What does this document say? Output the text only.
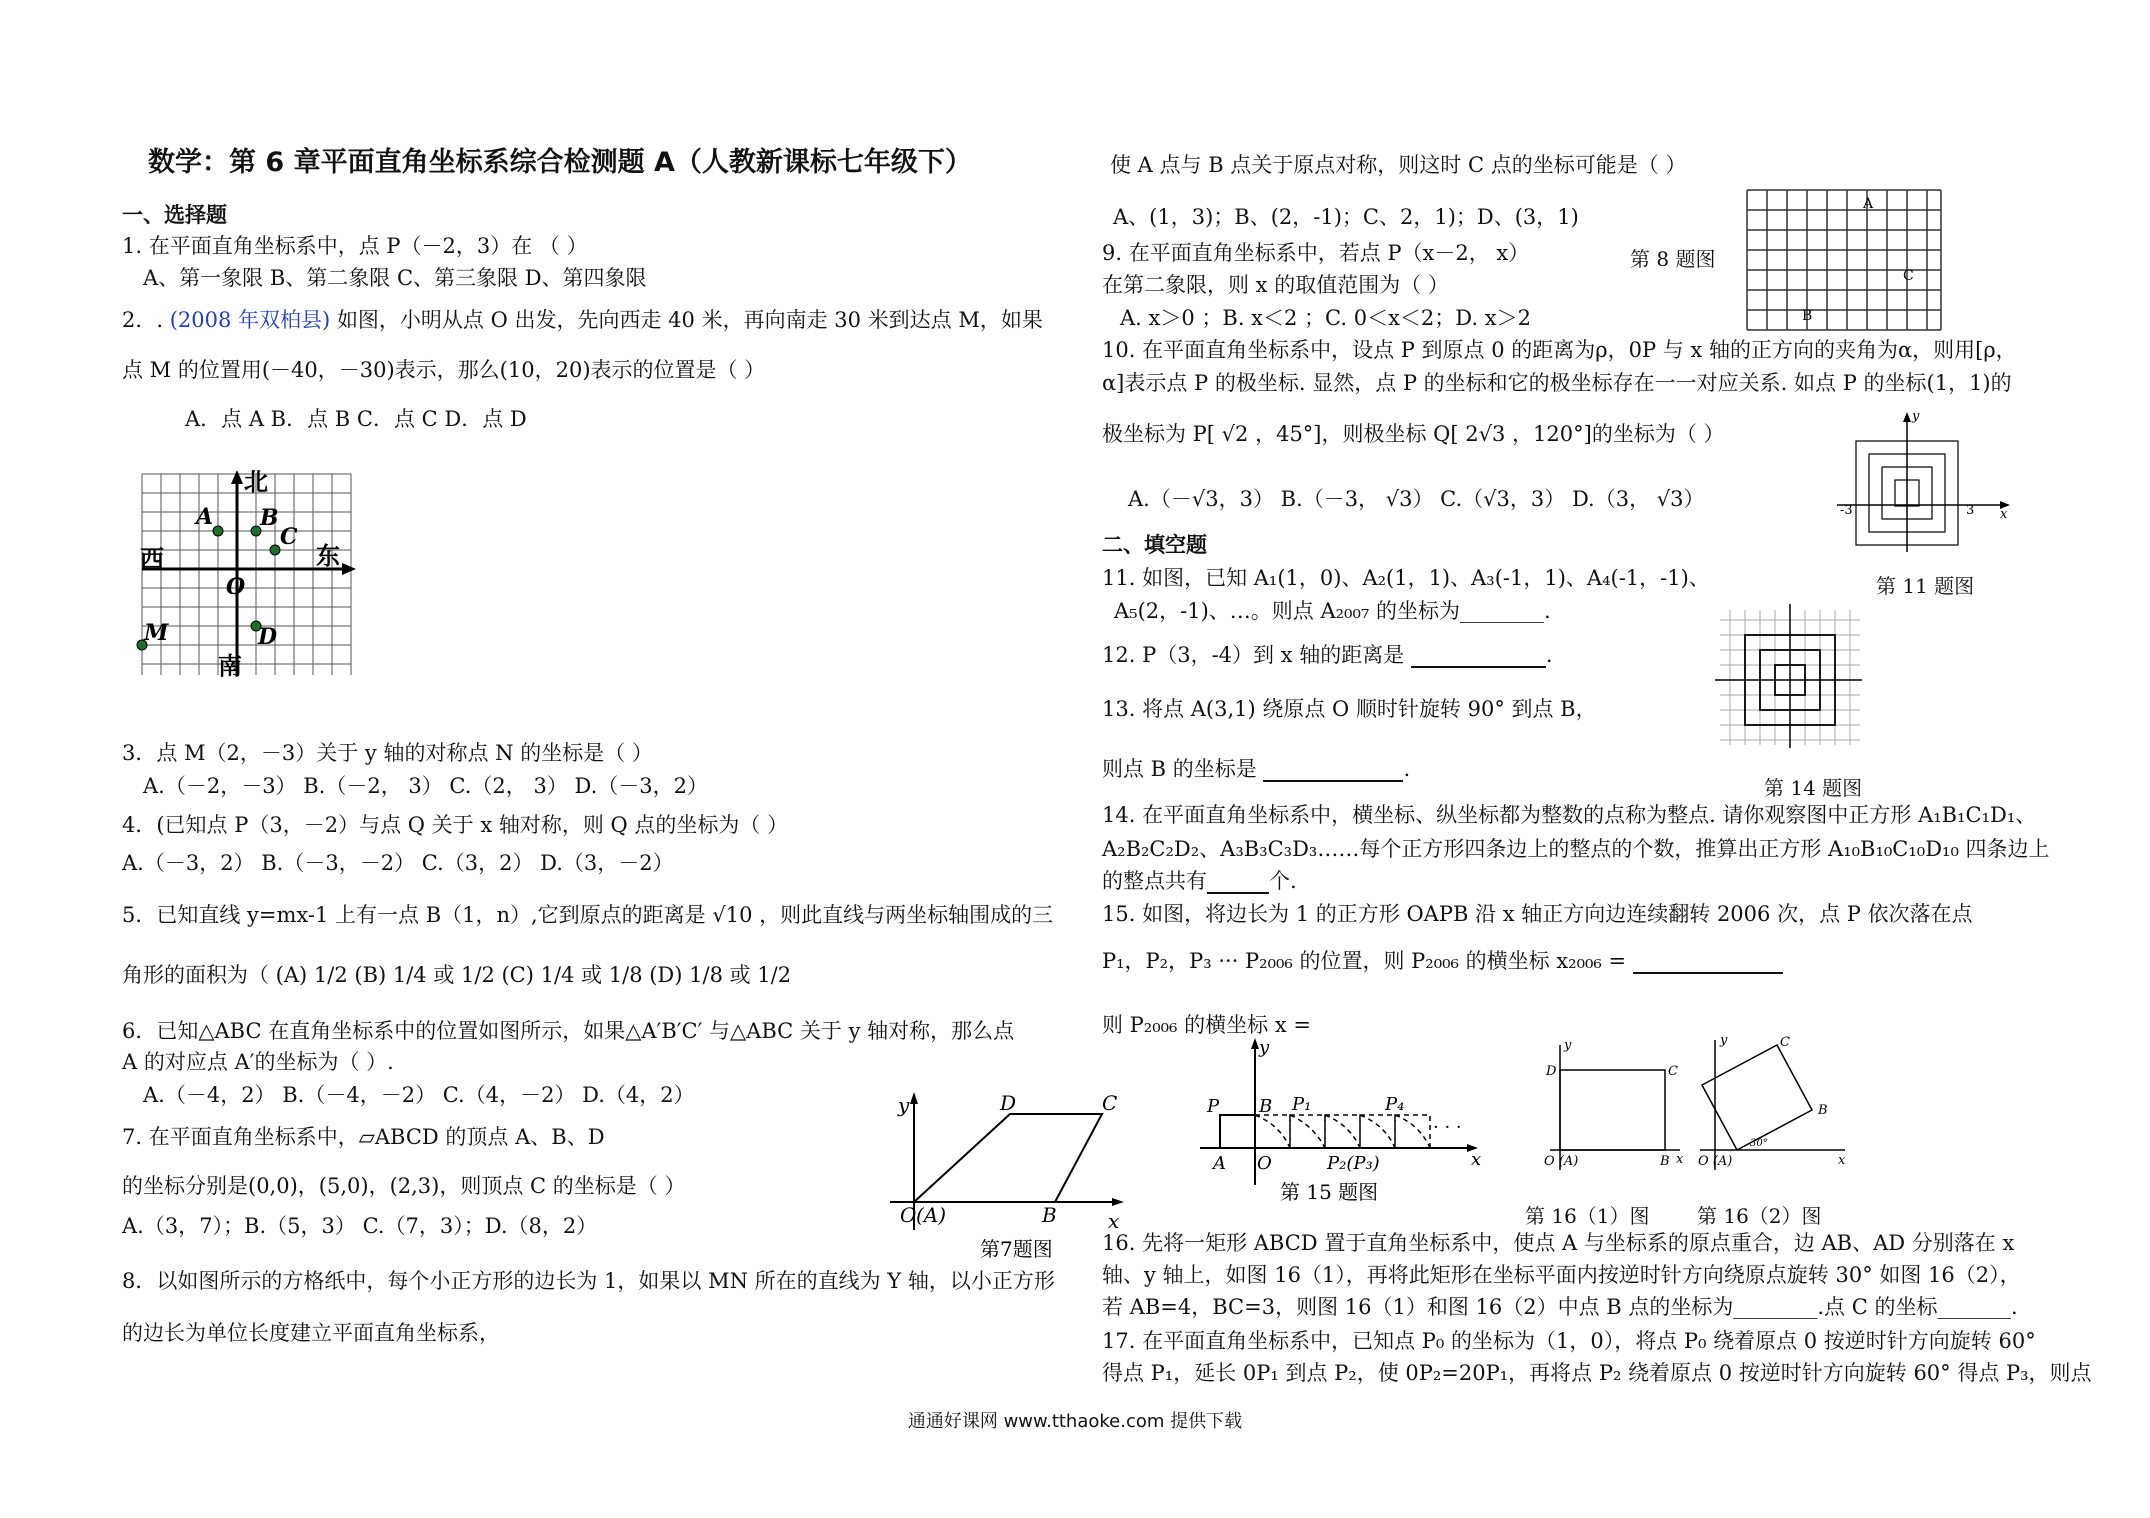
数学：第 6 章平面直角坐标系综合检测题 A（人教新课标七年级下）
一、选择题
1. 在平面直角坐标系中，点 P（－2，3）在 （ ）
A、第一象限 B、第二象限 C、第三象限 D、第四象限
2．. (2008 年双柏县) 如图，小明从点 O 出发，先向西走 40 米，再向南走 30 米到达点 M，如果
点 M 的位置用(－40，－30)表示，那么(10，20)表示的位置是（ ）
A．点 A B．点 B C．点 C D．点 D
A B
C
O
D
M
北
西	东
南
3．点 M（2，－3）关于 y 轴的对称点 N 的坐标是（ ）
A.（－2，－3） B.（－2， 3） C.（2， 3） D.（－3，2）
4．(已知点 P（3，－2）与点 Q 关于 x 轴对称，则 Q 点的坐标为（ ）
A.（－3，2） B.（－3，－2） C.（3，2） D.（3，－2）
5．已知直线 y=mx-1 上有一点 B（1，n）,它到原点的距离是 √10 ，则此直线与两坐标轴围成的三
角形的面积为（ (A) 1/2 (B) 1/4 或 1/2 (C) 1/4 或 1/8 (D) 1/8 或 1/2
6．已知△ABC 在直角坐标系中的位置如图所示，如果△A′B′C′ 与△ABC 关于 y 轴对称，那么点
A 的对应点 A′的坐标为（ ）.
A.（－4，2） B.（－4，－2） C.（4，－2） D.（4，2）
7. 在平面直角坐标系中，▱ABCD 的顶点 A、B、D
的坐标分别是(0,0)，(5,0)，(2,3)，则顶点 C 的坐标是（ ）
A.（3，7）；B.（5，3） C.（7，3）；D.（8，2）
y
x
O (A)	B
C
D
第7题图
8．以如图所示的方格纸中，每个小正方形的边长为 1，如果以 MN 所在的直线为 Y 轴，以小正方形
的边长为单位长度建立平面直角坐标系，
使 A 点与 B 点关于原点对称，则这时 C 点的坐标可能是（ ）
A、(1，3)；B、(2，-1)；C、2，1)；D、(3，1)
A
C
B
第 8 题图
9. 在平面直角坐标系中，若点 P（x－2， x）
在第二象限，则 x 的取值范围为（ ）
A. x＞0 ；B. x＜2 ；C. 0＜x＜2；D. x＞2
10. 在平面直角坐标系中，设点 P 到原点 0 的距离为ρ，0P 与 x 轴的正方向的夹角为α，则用[ρ，
α]表示点 P 的极坐标. 显然，点 P 的坐标和它的极坐标存在一一对应关系. 如点 P 的坐标(1，1)的
极坐标为 P[ √2 ，45°]，则极坐标 Q[ 2√3 ，120°]的坐标为（ ）
A.（－√3，3） B.（－3， √3） C.（√3，3） D.（3， √3）	-3	3 x
y
第 11 题图
二、填空题
11. 如图，已知 A₁(1，0)、A₂(1，1)、A₃(-1，1)、A₄(-1，-1)、
A₅(2，-1)、…。则点 A₂₀₀₇ 的坐标为________.
12. P（3，-4）到 x 轴的距离是	.
13. 将点 A(3,1) 绕原点 O 顺时针旋转 90° 到点 B，
则点 B 的坐标是	.
第 14 题图
14. 在平面直角坐标系中，横坐标、纵坐标都为整数的点称为整点. 请你观察图中正方形 A₁B₁C₁D₁、
A₂B₂C₂D₂、A₃B₃C₃D₃……每个正方形四条边上的整点的个数，推算出正方形 A₁₀B₁₀C₁₀D₁₀ 四条边上
的整点共有	个.
15. 如图，将边长为 1 的正方形 OAPB 沿 x 轴正方向边连续翻转 2006 次，点 P 依次落在点
P₁，P₂，P₃ ··· P₂₀₀₆ 的位置，则 P₂₀₀₆ 的横坐标 x₂₀₀₆ =
则 P₂₀₀₆ 的横坐标 x =
· · ·
P B P₁	P₄
A O	P₂(P₃)
y
x
第 15 题图
D	C
B
O (A)
y
x
B
C
O (A)
y
x
30°
第 16（1）图 第 16（2）图
16. 先将一矩形 ABCD 置于直角坐标系中，使点 A 与坐标系的原点重合，边 AB、AD 分别落在 x
轴、y 轴上，如图 16（1），再将此矩形在坐标平面内按逆时针方向绕原点旋转 30° 如图 16（2），
若 AB=4，BC=3，则图 16（1）和图 16（2）中点 B 点的坐标为________.点 C 的坐标_______.
17. 在平面直角坐标系中，已知点 P₀ 的坐标为（1，0），将点 P₀ 绕着原点 0 按逆时针方向旋转 60°
得点 P₁，延长 0P₁ 到点 P₂，使 0P₂=20P₁，再将点 P₂ 绕着原点 0 按逆时针方向旋转 60° 得点 P₃，则点
通通好课网 www.tthaoke.com 提供下载
